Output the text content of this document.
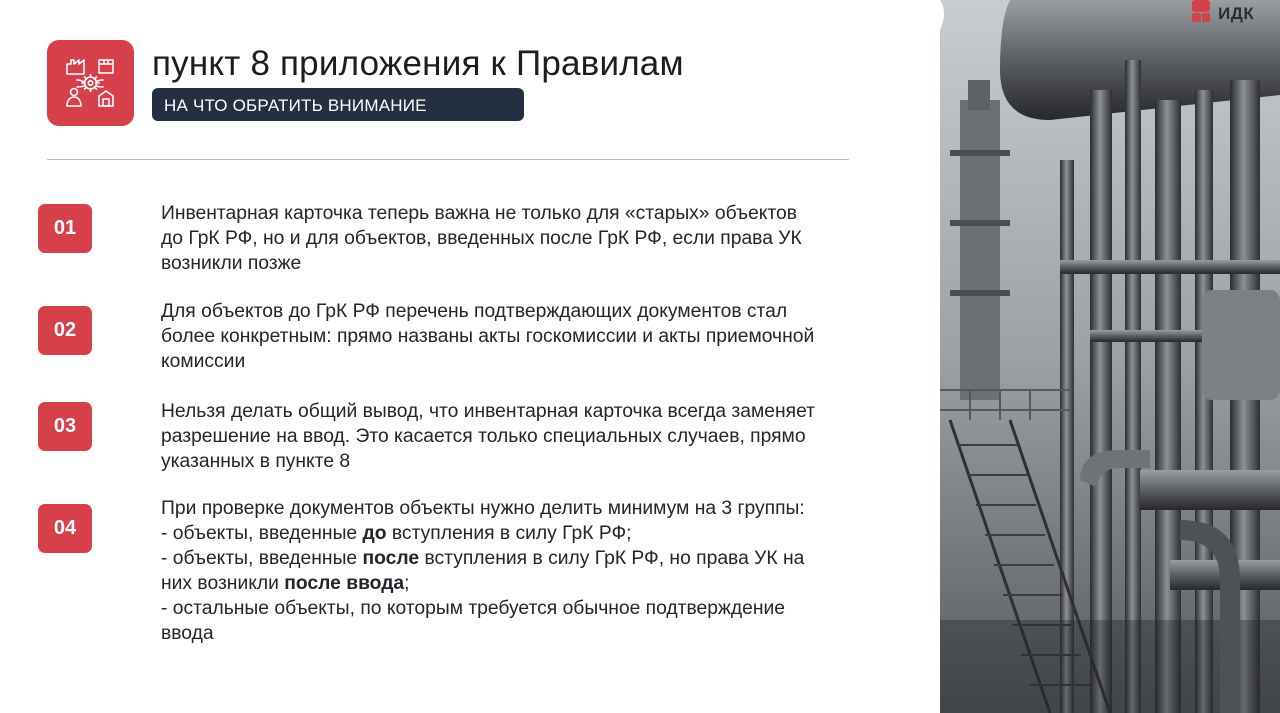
пункт 8 приложения к Правилам
НА ЧТО ОБРАТИТЬ ВНИМАНИЕ
01

Инвентарная карточка теперь важна не только для «старых» объектов

до ГрК РФ, но и для объектов, введенных после ГрК РФ, если права УК

возникли позже

02

Для объектов до ГрК РФ перечень подтверждающих документов стал

более конкретным: прямо названы акты госкомиссии и акты приемочной

комиссии

03

Нельзя делать общий вывод, что инвентарная карточка всегда заменяет

разрешение на ввод. Это касается только специальных случаев, прямо

указанных в пункте 8

04

При проверке документов объекты нужно делить минимум на 3 группы:

- объекты, введенные до вступления в силу ГрК РФ;

- объекты, введенные после вступления в силу ГрК РФ, но права УК на

них возникли после ввода;

- остальные объекты, по которым требуется обычное подтверждение

ввода

ИДК
